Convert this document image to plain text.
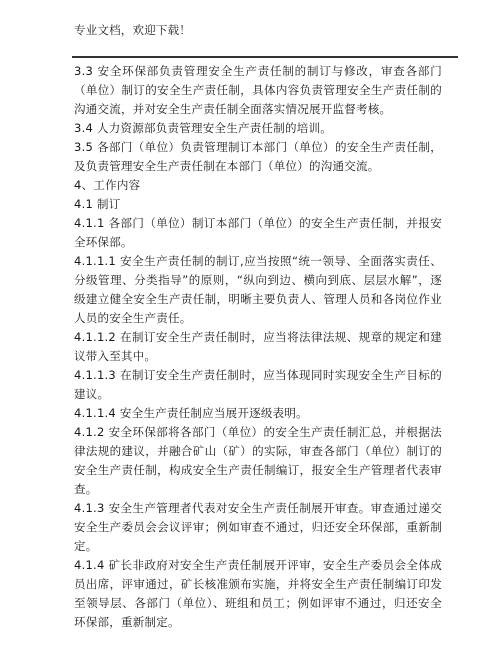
专业文档，欢迎下载！

3.3 安全环保部负责管理安全生产责任制的制订与修改，审查各部门（单位）制订的安全生产责任制，具体内容负责管理安全生产责任制的沟通交流，并对安全生产责任制全面落实情况展开监督考核。

3.4 人力资源部负责管理安全生产责任制的培训。

3.5 各部门（单位）负责管理制订本部门（单位）的安全生产责任制，及负责管理安全生产责任制在本部门（单位）的沟通交流。

4、工作内容

4.1 制订

4.1.1 各部门（单位）制订本部门（单位）的安全生产责任制，并报安全环保部。

4.1.1.1 安全生产责任制的制订,应当按照“统一领导、全面落实责任、分级管理、分类指导”的原则，“纵向到边、横向到底、层层水解”，逐级建立健全安全生产责任制，明晰主要负责人、管理人员和各岗位作业人员的安全生产责任。

4.1.1.2 在制订安全生产责任制时，应当将法律法规、规章的规定和建议带入至其中。

4.1.1.3 在制订安全生产责任制时，应当体现同时实现安全生产目标的建议。

4.1.1.4 安全生产责任制应当展开逐级表明。

4.1.2 安全环保部将各部门（单位）的安全生产责任制汇总，并根据法律法规的建议，并融合矿山（矿）的实际，审查各部门（单位）制订的安全生产责任制，构成安全生产责任制编订，报安全生产管理者代表审查。

4.1.3 安全生产管理者代表对安全生产责任制展开审查。审查通过递交安全生产委员会会议评审；例如审查不通过，归还安全环保部，重新制定。

4.1.4 矿长非政府对安全生产责任制展开评审，安全生产委员会全体成员出席，评审通过，矿长核准颁布实施，并将安全生产责任制编订印发至领导层、各部门（单位）、班组和员工；例如评审不通过，归还安全环保部，重新制定。
